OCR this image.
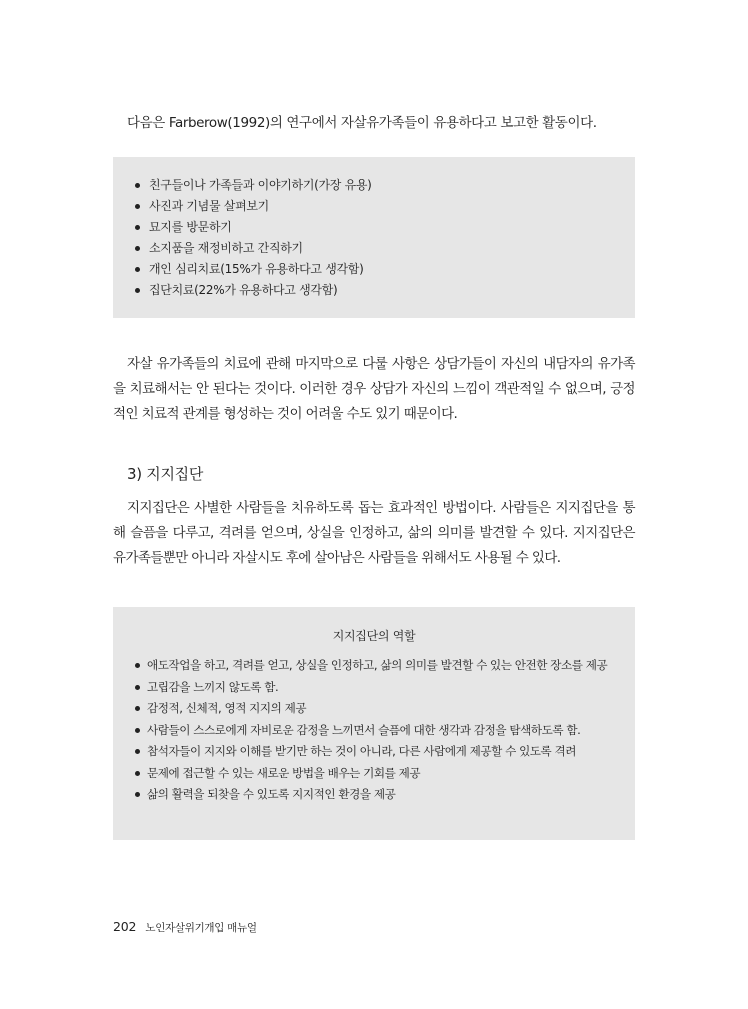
다음은 Farberow(1992)의 연구에서 자살유가족들이 유용하다고 보고한 활동이다.

친구들이나 가족들과 이야기하기(가장 유용)
사진과 기념물 살펴보기
묘지를 방문하기
소지품을 재정비하고 간직하기
개인 심리치료(15%가 유용하다고 생각함)
집단치료(22%가 유용하다고 생각함)

자살 유가족들의 치료에 관해 마지막으로 다룰 사항은 상담가들이 자신의 내담자의 유가족을 치료해서는 안 된다는 것이다. 이러한 경우 상담가 자신의 느낌이 객관적일 수 없으며, 긍정적인 치료적 관계를 형성하는 것이 어려울 수도 있기 때문이다.

3) 지지집단

지지집단은 사별한 사람들을 치유하도록 돕는 효과적인 방법이다. 사람들은 지지집단을 통해 슬픔을 다루고, 격려를 얻으며, 상실을 인정하고, 삶의 의미를 발견할 수 있다. 지지집단은 유가족들뿐만 아니라 자살시도 후에 살아남은 사람들을 위해서도 사용될 수 있다.

지지집단의 역할
애도작업을 하고, 격려를 얻고, 상실을 인정하고, 삶의 의미를 발견할 수 있는 안전한 장소를 제공
고립감을 느끼지 않도록 함.
감정적, 신체적, 영적 지지의 제공
사람들이 스스로에게 자비로운 감정을 느끼면서 슬픔에 대한 생각과 감정을 탐색하도록 함.
참석자들이 지지와 이해를 받기만 하는 것이 아니라, 다른 사람에게 제공할 수 있도록 격려
문제에 접근할 수 있는 새로운 방법을 배우는 기회를 제공
삶의 활력을 되찾을 수 있도록 지지적인 환경을 제공
202 노인자살위기개입 매뉴얼
